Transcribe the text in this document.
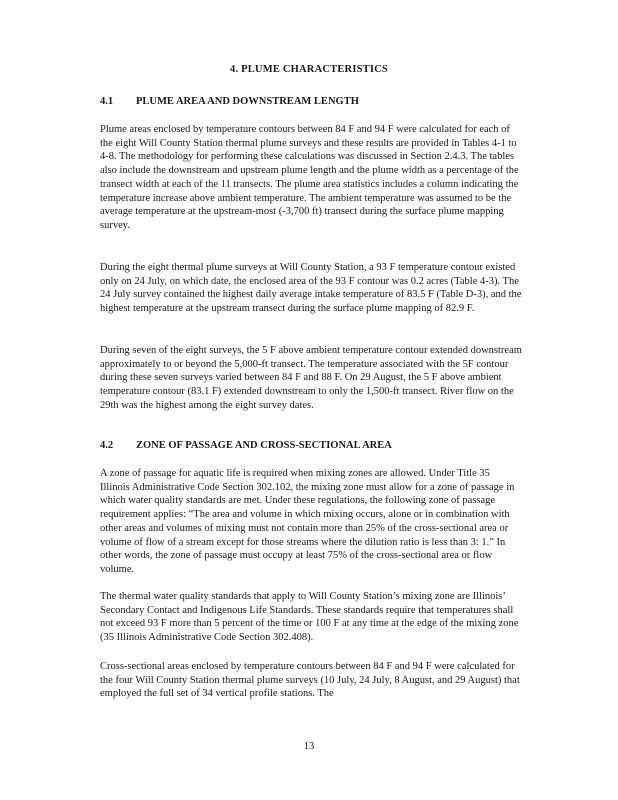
4. PLUME CHARACTERISTICS
4.1 PLUME AREA AND DOWNSTREAM LENGTH

Plume areas enclosed by temperature contours between 84 F and 94 F were calculated for each of the eight Will County Station thermal plume surveys and these results are provided in Tables 4-1 to 4-8. The methodology for performing these calculations was discussed in Section 2.4.3. The tables also include the downstream and upstream plume length and the plume width as a percentage of the transect width at each of the 11 transects. The plume area statistics includes a column indicating the temperature increase above ambient temperature. The ambient temperature was assumed to be the average temperature at the upstream-most (-3,700 ft) transect during the surface plume mapping survey.

During the eight thermal plume surveys at Will County Station, a 93 F temperature contour existed only on 24 July, on which date, the enclosed area of the 93 F contour was 0.2 acres (Table 4-3). The 24 July survey contained the highest daily average intake temperature of 83.5 F (Table D-3), and the highest temperature at the upstream transect during the surface plume mapping of 82.9 F.

During seven of the eight surveys, the 5 F above ambient temperature contour extended downstream approximately to or beyond the 5,000-ft transect. The temperature associated with the 5F contour during these seven surveys varied between 84 F and 88 F. On 29 August, the 5 F above ambient temperature contour (83.1 F) extended downstream to only the 1,500-ft transect. River flow on the 29th was the highest among the eight survey dates.

4.2 ZONE OF PASSAGE AND CROSS-SECTIONAL AREA

A zone of passage for aquatic life is required when mixing zones are allowed. Under Title 35 Illinois Administrative Code Section 302.102, the mixing zone must allow for a zone of passage in which water quality standards are met. Under these regulations, the following zone of passage requirement applies: “The area and volume in which mixing occurs, alone or in combination with other areas and volumes of mixing must not contain more than 25% of the cross-sectional area or volume of flow of a stream except for those streams where the dilution ratio is less than 3: 1.” In other words, the zone of passage must occupy at least 75% of the cross-sectional area or flow volume.

The thermal water quality standards that apply to Will County Station’s mixing zone are Illinois’ Secondary Contact and Indigenous Life Standards. These standards require that temperatures shall not exceed 93 F more than 5 percent of the time or 100 F at any time at the edge of the mixing zone (35 Illinois Administrative Code Section 302.408).

Cross-sectional areas enclosed by temperature contours between 84 F and 94 F were calculated for the four Will County Station thermal plume surveys (10 July, 24 July, 8 August, and 29 August) that employed the full set of 34 vertical profile stations. The

13
